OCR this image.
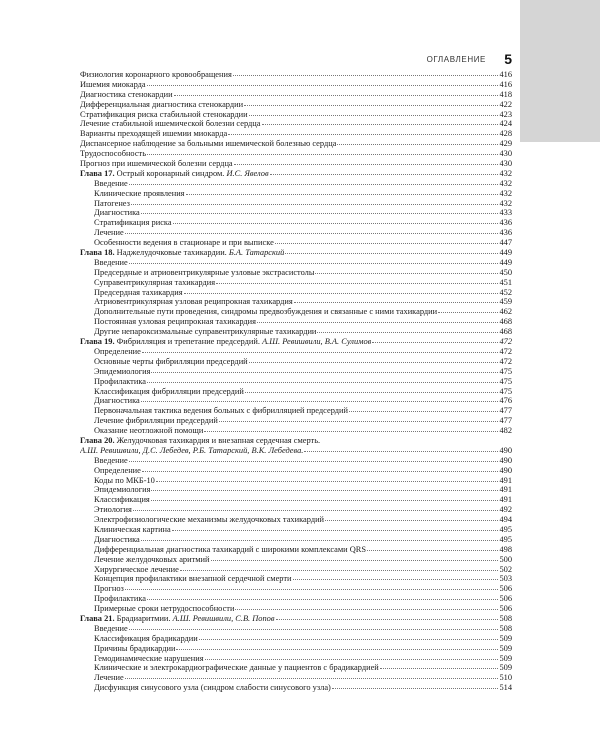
ОГЛАВЛЕНИЕ 5
Физиология коронарного кровообращения	416
Ишемия миокарда	416
Диагностика стенокардии	418
Дифференциальная диагностика стенокардии	422
Стратификация риска стабильной стенокардии	423
Лечение стабильной ишемической болезни сердца	424
Варианты преходящей ишемии миокарда	428
Диспансерное наблюдение за больными ишемической болезнью сердца	429
Трудоспособность	430
Прогноз при ишемической болезни сердца	430
Глава 17. Острый коронарный синдром. И.С. Явелов	432
Введение	432
Клинические проявления	432
Патогенез	432
Диагностика	433
Стратификация риска	436
Лечение	436
Особенности ведения в стационаре и при выписке	447
Глава 18. Наджелудочковые тахикардии. Б.А. Татарский	449
Введение	449
Предсердные и атриовентрикулярные узловые экстрасистолы	450
Суправентрикулярная тахикардия	451
Предсердная тахикардия	452
Атриовентрикулярная узловая реципрокная тахикардия	459
Дополнительные пути проведения, синдромы предвозбуждения и связанные с ними тахикардии	462
Постоянная узловая реципрокная тахикардия	468
Другие непароксизмальные суправентрикулярные тахикардии	468
Глава 19. Фибрилляция и трепетание предсердий. А.Ш. Ревишвили, В.А. Сулимов	472
Определение	472
Основные черты фибрилляции предсердий	472
Эпидемиология	475
Профилактика	475
Классификация фибрилляции предсердий	475
Диагностика	476
Первоначальная тактика ведения больных с фибрилляцией предсердий	477
Лечение фибрилляции предсердий	477
Оказание неотложной помощи	482
Глава 20. Желудочковая тахикардия и внезапная сердечная смерть.
А.Ш. Ревишвили, Д.С. Лебедев, Р.Б. Татарский, В.К. Лебедева.	490
Введение	490
Определение	490
Коды по МКБ-10	491
Эпидемиология	491
Классификация	491
Этиология	492
Электрофизиологические механизмы желудочковых тахикардий	494
Клиническая картина	495
Диагностика	495
Дифференциальная диагностика тахикардий с широкими комплексами QRS	498
Лечение желудочковых аритмий	500
Хирургическое лечение	502
Концепция профилактики внезапной сердечной смерти	503
Прогноз	506
Профилактика	506
Примерные сроки нетрудоспособности	506
Глава 21. Брадиаритмии. А.Ш. Ревишвили, С.В. Попов	508
Введение	508
Классификация брадикардии	509
Причины брадикардии	509
Гемодинамические нарушения	509
Клинические и электрокардиографические данные у пациентов с брадикардией	509
Лечение	510
Дисфункция синусового узла (синдром слабости синусового узла)	514
